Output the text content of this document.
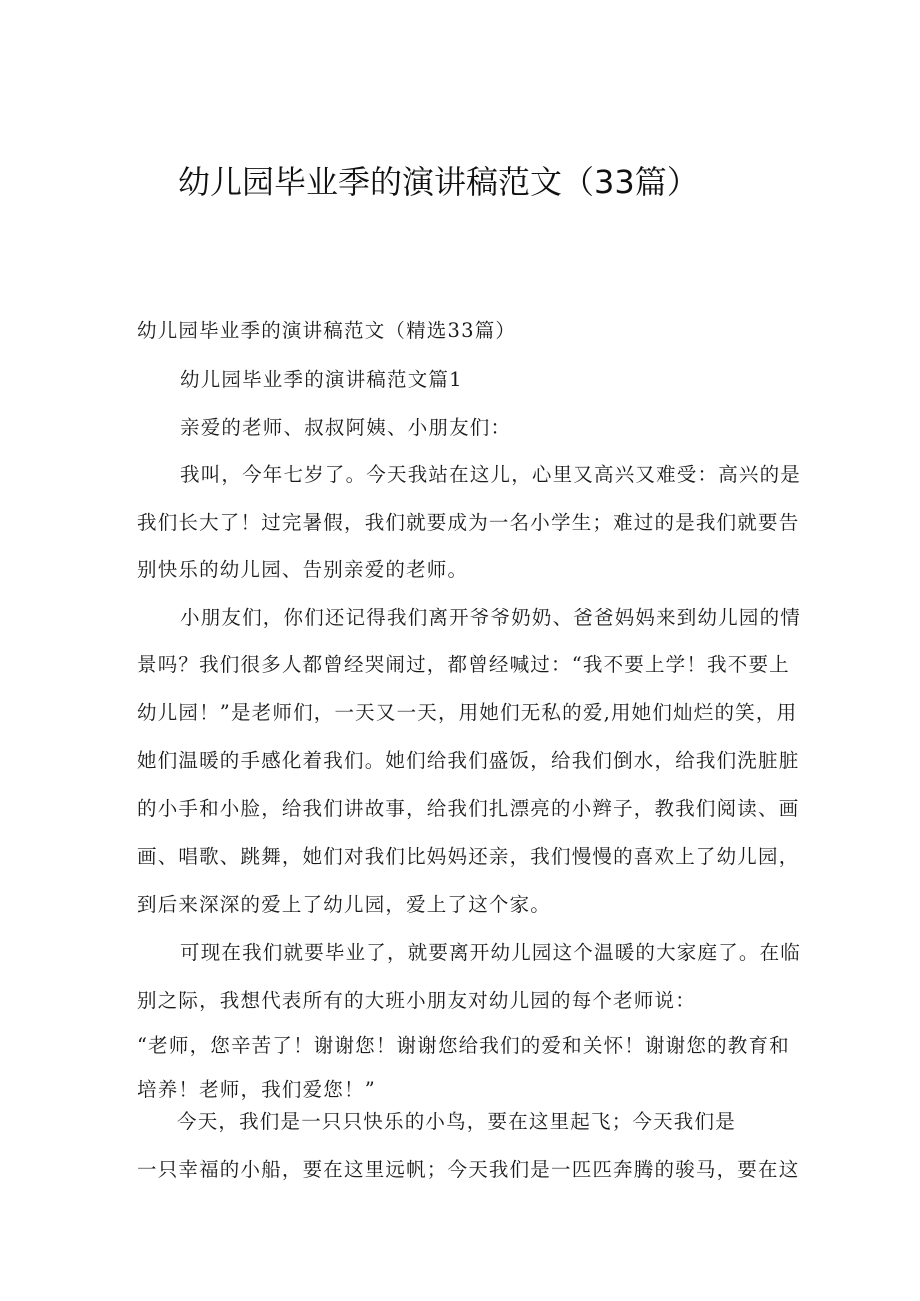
幼儿园毕业季的演讲稿范文（33篇）

幼儿园毕业季的演讲稿范文（精选33篇）

幼儿园毕业季的演讲稿范文篇1

亲爱的老师、叔叔阿姨、小朋友们：

我叫，今年七岁了。今天我站在这儿，心里又高兴又难受：高兴的是

我们长大了！过完暑假，我们就要成为一名小学生；难过的是我们就要告

别快乐的幼儿园、告别亲爱的老师。

小朋友们，你们还记得我们离开爷爷奶奶、爸爸妈妈来到幼儿园的情

景吗？我们很多人都曾经哭闹过，都曾经喊过：“我不要上学！我不要上

幼儿园！”是老师们，一天又一天，用她们无私的爱,用她们灿烂的笑，用

她们温暖的手感化着我们。她们给我们盛饭，给我们倒水，给我们洗脏脏

的小手和小脸，给我们讲故事，给我们扎漂亮的小辫子，教我们阅读、画

画、唱歌、跳舞，她们对我们比妈妈还亲，我们慢慢的喜欢上了幼儿园，

到后来深深的爱上了幼儿园，爱上了这个家。

可现在我们就要毕业了，就要离开幼儿园这个温暖的大家庭了。在临

别之际，我想代表所有的大班小朋友对幼儿园的每个老师说：

“老师，您辛苦了！谢谢您！谢谢您给我们的爱和关怀！谢谢您的教育和

培养！老师，我们爱您！”

今天，我们是一只只快乐的小鸟，要在这里起飞；今天我们是

一只幸福的小船，要在这里远帆；今天我们是一匹匹奔腾的骏马，要在这
